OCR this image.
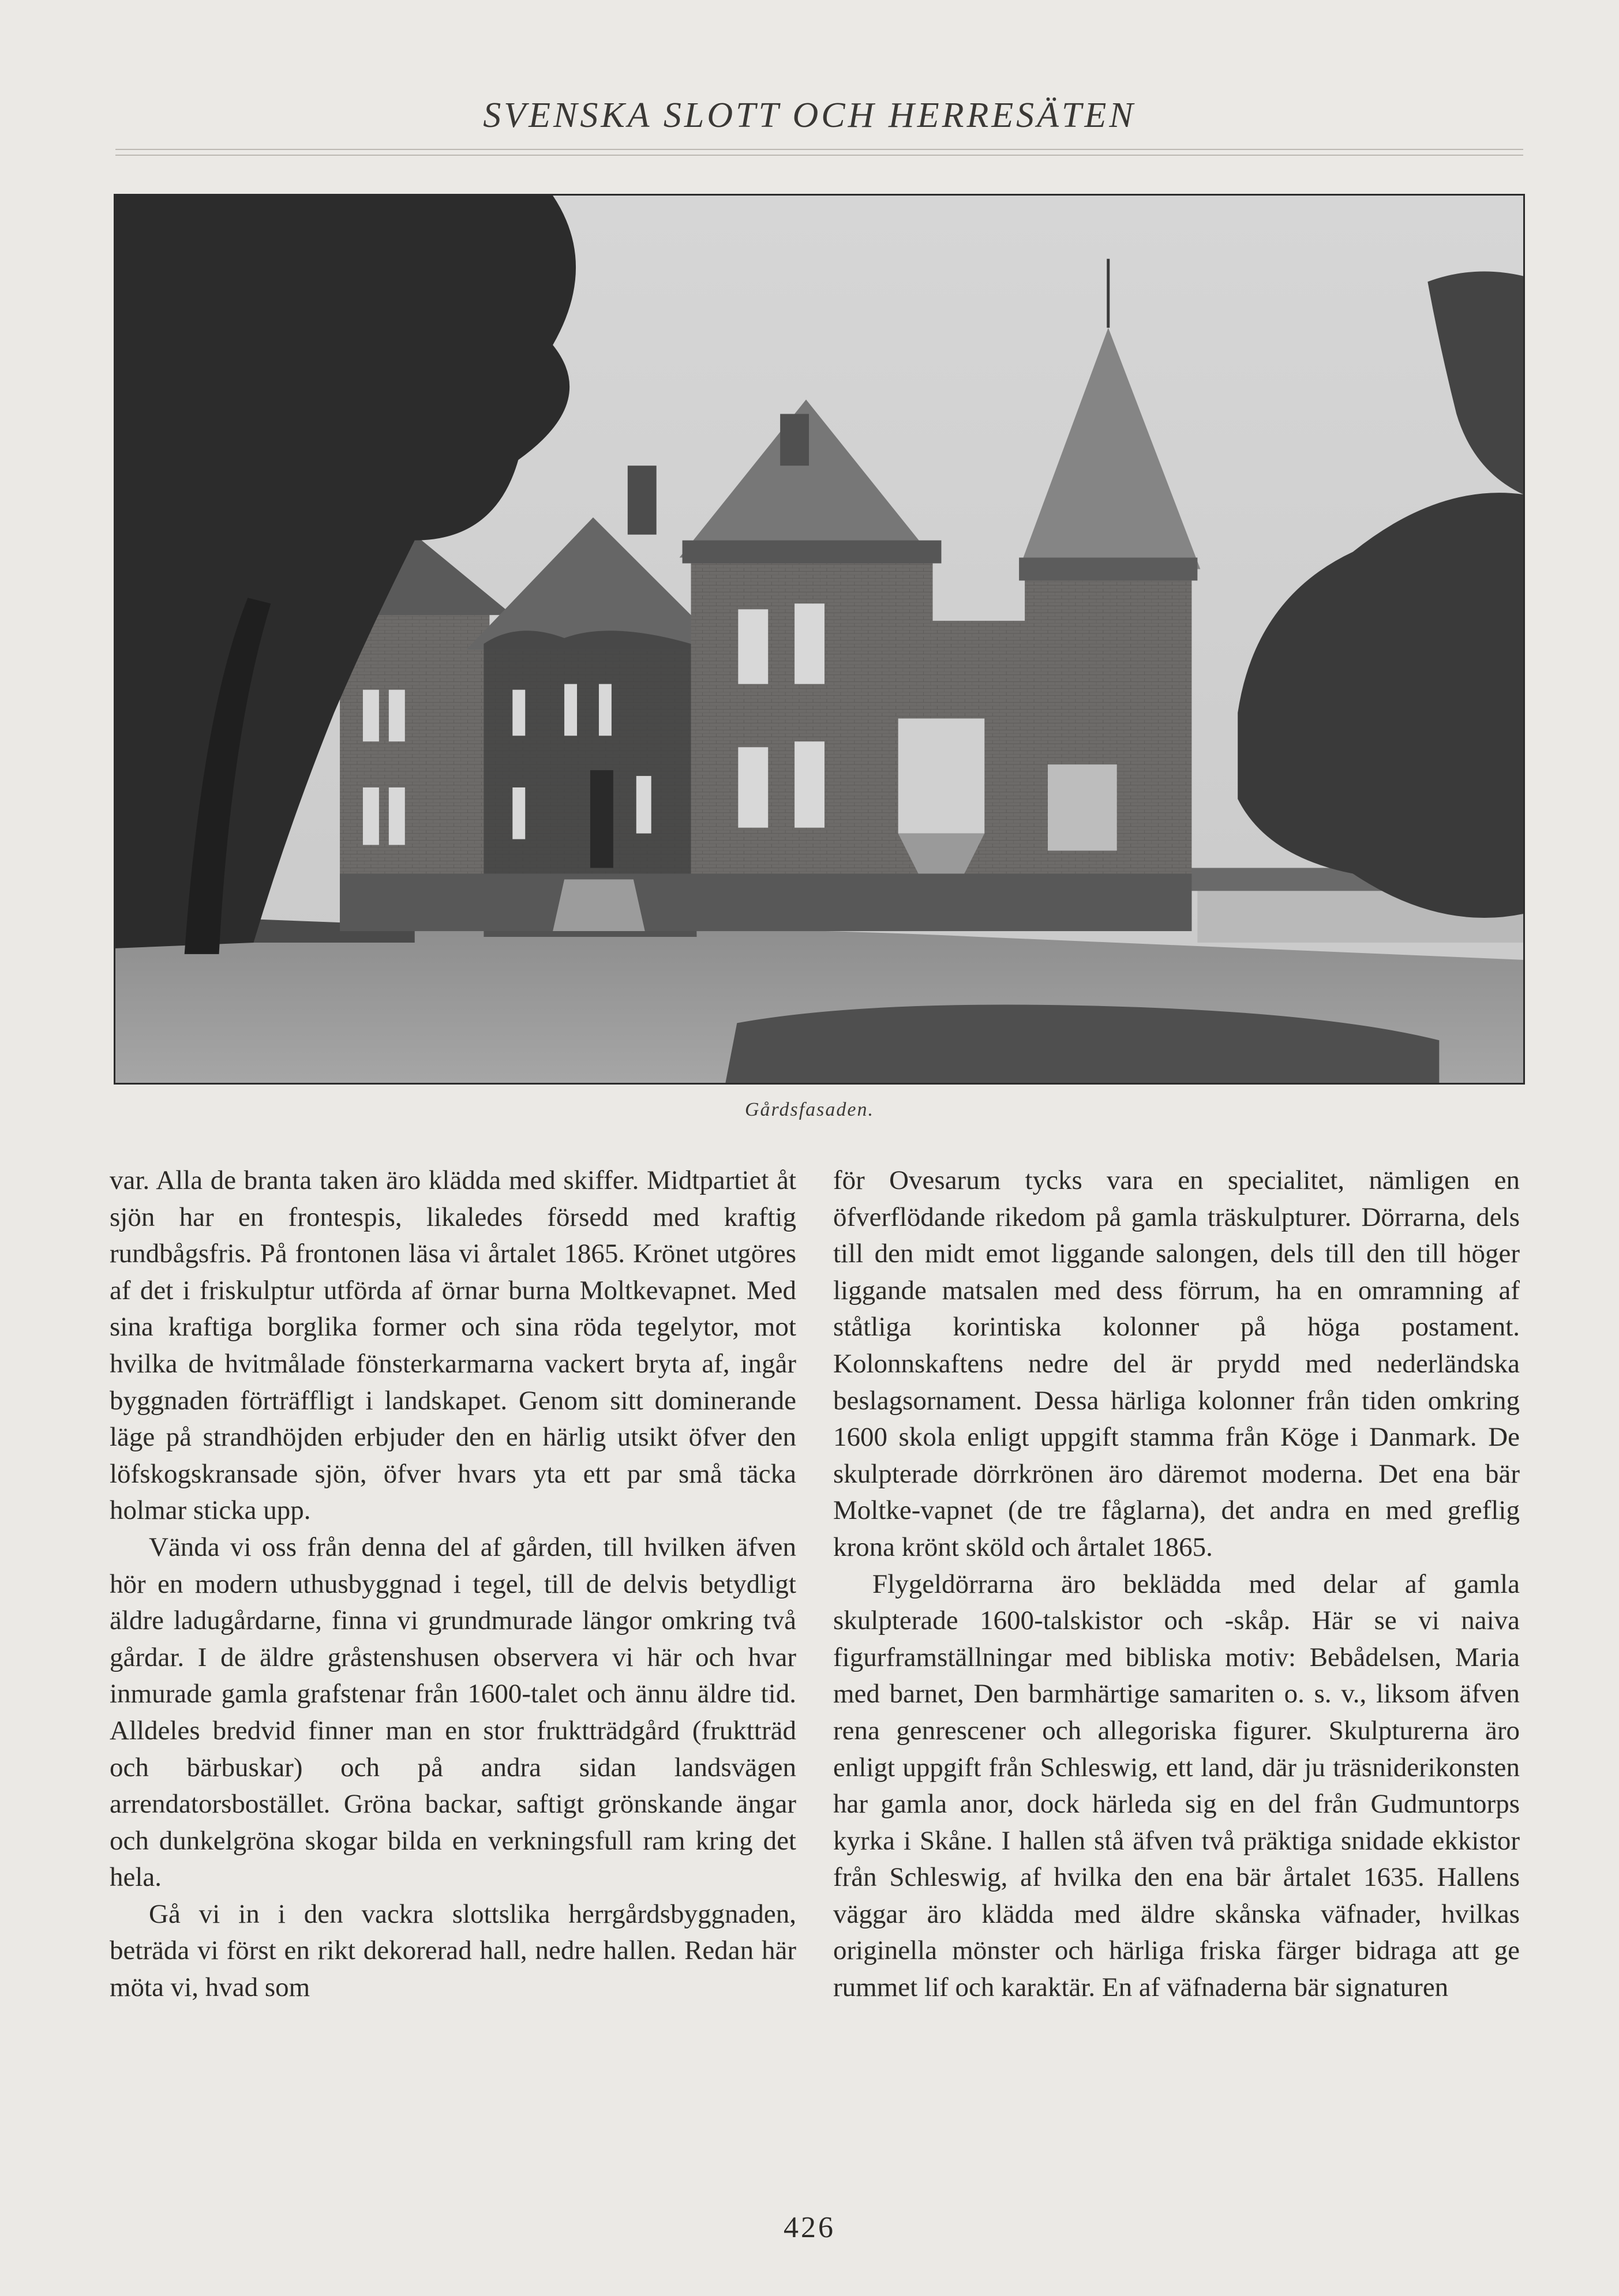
SVENSKA SLOTT OCH HERRESÄTEN
Gårdsfasaden.

var. Alla de branta taken äro klädda med skiffer. Midtpartiet åt sjön har en frontespis, likaledes försedd med kraftig rundbågsfris. På frontonen läsa vi årtalet 1865. Krönet utgöres af det i friskulptur utförda af örnar burna Moltkevapnet. Med sina kraftiga borglika former och sina röda tegelytor, mot hvilka de hvitmålade fönsterkarmarna vackert bryta af, ingår byggnaden förträffligt i landskapet. Genom sitt dominerande läge på strandhöjden erbjuder den en härlig utsikt öfver den löfskogskransade sjön, öfver hvars yta ett par små täcka holmar sticka upp.

Vända vi oss från denna del af gården, till hvilken äfven hör en modern uthusbyggnad i tegel, till de delvis betydligt äldre ladugårdarne, finna vi grundmurade längor omkring två gårdar. I de äldre gråstenshusen observera vi här och hvar inmurade gamla grafstenar från 1600-talet och ännu äldre tid. Alldeles bredvid finner man en stor fruktträdgård (fruktträd och bärbuskar) och på andra sidan landsvägen arrendatorsbostället. Gröna backar, saftigt grönskande ängar och dunkelgröna skogar bilda en verkningsfull ram kring det hela.

Gå vi in i den vackra slottslika herrgårdsbyggnaden, beträda vi först en rikt dekorerad hall, nedre hallen. Redan här möta vi, hvad som

för Ovesarum tycks vara en specialitet, nämligen en öfverflödande rikedom på gamla träskulpturer. Dörrarna, dels till den midt emot liggande salongen, dels till den till höger liggande matsalen med dess förrum, ha en omramning af ståtliga korintiska kolonner på höga postament. Kolonnskaftens nedre del är prydd med nederländska beslagsornament. Dessa härliga kolonner från tiden omkring 1600 skola enligt uppgift stamma från Köge i Danmark. De skulpterade dörrkrönen äro däremot moderna. Det ena bär Moltke-vapnet (de tre fåglarna), det andra en med greflig krona krönt sköld och årtalet 1865.

Flygeldörrarna äro beklädda med delar af gamla skulpterade 1600-talskistor och -skåp. Här se vi naiva figurframställningar med bibliska motiv: Bebådelsen, Maria med barnet, Den barmhärtige samariten o. s. v., liksom äfven rena genrescener och allegoriska figurer. Skulpturerna äro enligt uppgift från Schleswig, ett land, där ju träsniderikonsten har gamla anor, dock härleda sig en del från Gudmuntorps kyrka i Skåne. I hallen stå äfven två präktiga snidade ekkistor från Schleswig, af hvilka den ena bär årtalet 1635. Hallens väggar äro klädda med äldre skånska väfnader, hvilkas originella mönster och härliga friska färger bidraga att ge rummet lif och karaktär. En af väfnaderna bär signaturen

426
